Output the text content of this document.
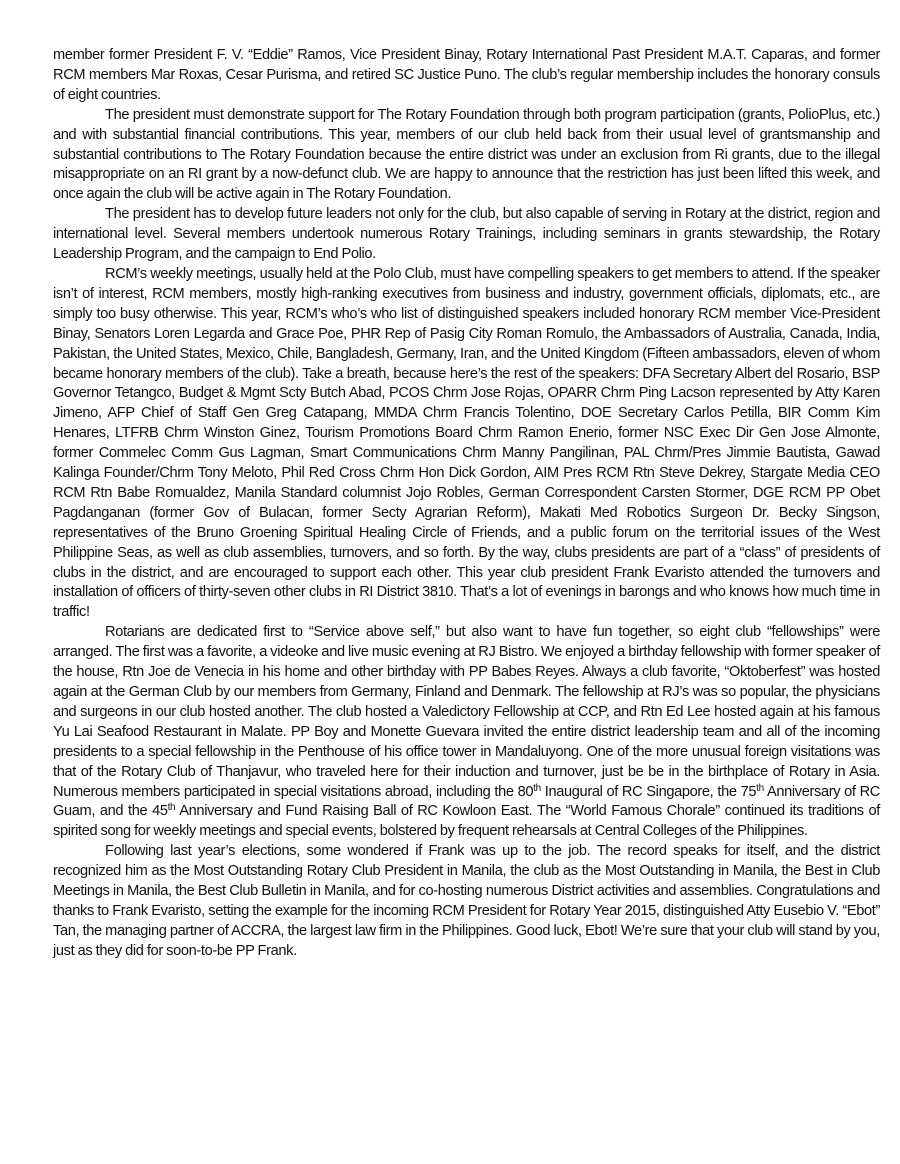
member former President F. V. “Eddie” Ramos, Vice President Binay, Rotary International Past President M.A.T. Caparas, and former RCM members Mar Roxas, Cesar Purisma, and retired SC Justice Puno. The club’s regular membership includes the honorary consuls of eight countries.

The president must demonstrate support for The Rotary Foundation through both program participation (grants, PolioPlus, etc.) and with substantial financial contributions. This year, members of our club held back from their usual level of grantsmanship and substantial contributions to The Rotary Foundation because the entire district was under an exclusion from Ri grants, due to the illegal misappropriate on an RI grant by a now-defunct club. We are happy to announce that the restriction has just been lifted this week, and once again the club will be active again in The Rotary Foundation.

The president has to develop future leaders not only for the club, but also capable of serving in Rotary at the district, region and international level. Several members undertook numerous Rotary Trainings, including seminars in grants stewardship, the Rotary Leadership Program, and the campaign to End Polio.

RCM’s weekly meetings, usually held at the Polo Club, must have compelling speakers to get members to attend. If the speaker isn’t of interest, RCM members, mostly high-ranking executives from business and industry, government officials, diplomats, etc., are simply too busy otherwise. This year, RCM’s who’s who list of distinguished speakers included honorary RCM member Vice-President Binay, Senators Loren Legarda and Grace Poe, PHR Rep of Pasig City Roman Romulo, the Ambassadors of Australia, Canada, India, Pakistan, the United States, Mexico, Chile, Bangladesh, Germany, Iran, and the United Kingdom (Fifteen ambassadors, eleven of whom became honorary members of the club). Take a breath, because here’s the rest of the speakers: DFA Secretary Albert del Rosario, BSP Governor Tetangco, Budget & Mgmt Scty Butch Abad, PCOS Chrm Jose Rojas, OPARR Chrm Ping Lacson represented by Atty Karen Jimeno, AFP Chief of Staff Gen Greg Catapang, MMDA Chrm Francis Tolentino, DOE Secretary Carlos Petilla, BIR Comm Kim Henares, LTFRB Chrm Winston Ginez, Tourism Promotions Board Chrm Ramon Enerio, former NSC Exec Dir Gen Jose Almonte, former Commelec Comm Gus Lagman, Smart Communications Chrm Manny Pangilinan, PAL Chrm/Pres Jimmie Bautista, Gawad Kalinga Founder/Chrm Tony Meloto, Phil Red Cross Chrm Hon Dick Gordon, AIM Pres RCM Rtn Steve Dekrey, Stargate Media CEO RCM Rtn Babe Romualdez, Manila Standard columnist Jojo Robles, German Correspondent Carsten Stormer, DGE RCM PP Obet Pagdanganan (former Gov of Bulacan, former Secty Agrarian Reform), Makati Med Robotics Surgeon Dr. Becky Singson, representatives of the Bruno Groening Spiritual Healing Circle of Friends, and a public forum on the territorial issues of the West Philippine Seas, as well as club assemblies, turnovers, and so forth. By the way, clubs presidents are part of a “class” of presidents of clubs in the district, and are encouraged to support each other. This year club president Frank Evaristo attended the turnovers and installation of officers of thirty-seven other clubs in RI District 3810. That’s a lot of evenings in barongs and who knows how much time in traffic!

Rotarians are dedicated first to “Service above self,” but also want to have fun together, so eight club “fellowships” were arranged. The first was a favorite, a videoke and live music evening at RJ Bistro. We enjoyed a birthday fellowship with former speaker of the house, Rtn Joe de Venecia in his home and other birthday with PP Babes Reyes. Always a club favorite, “Oktoberfest” was hosted again at the German Club by our members from Germany, Finland and Denmark. The fellowship at RJ’s was so popular, the physicians and surgeons in our club hosted another. The club hosted a Valedictory Fellowship at CCP, and Rtn Ed Lee hosted again at his famous Yu Lai Seafood Restaurant in Malate. PP Boy and Monette Guevara invited the entire district leadership team and all of the incoming presidents to a special fellowship in the Penthouse of his office tower in Mandaluyong. One of the more unusual foreign visitations was that of the Rotary Club of Thanjavur, who traveled here for their induction and turnover, just be be in the birthplace of Rotary in Asia. Numerous members participated in special visitations abroad, including the 80th Inaugural of RC Singapore, the 75th Anniversary of RC Guam, and the 45th Anniversary and Fund Raising Ball of RC Kowloon East. The “World Famous Chorale” continued its traditions of spirited song for weekly meetings and special events, bolstered by frequent rehearsals at Central Colleges of the Philippines.

Following last year’s elections, some wondered if Frank was up to the job. The record speaks for itself, and the district recognized him as the Most Outstanding Rotary Club President in Manila, the club as the Most Outstanding in Manila, the Best in Club Meetings in Manila, the Best Club Bulletin in Manila, and for co-hosting numerous District activities and assemblies. Congratulations and thanks to Frank Evaristo, setting the example for the incoming RCM President for Rotary Year 2015, distinguished Atty Eusebio V. “Ebot” Tan, the managing partner of ACCRA, the largest law firm in the Philippines. Good luck, Ebot! We’re sure that your club will stand by you, just as they did for soon-to-be PP Frank.
